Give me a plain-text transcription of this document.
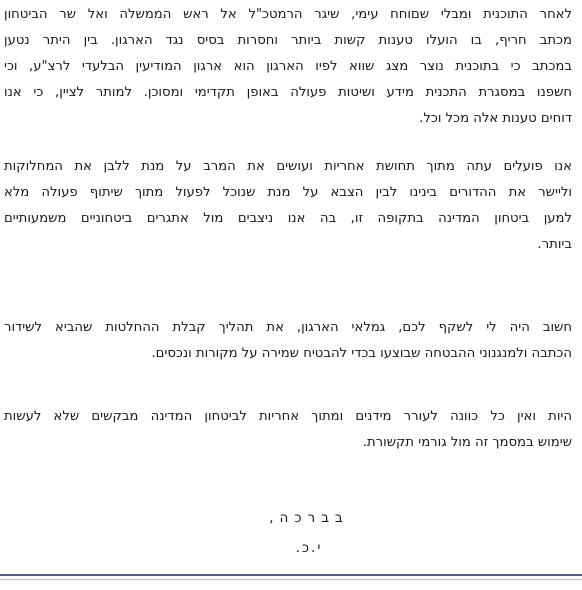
לאחר התוכנית ומבלי שםוחח עימי, שיגר הרמטכ"ל אל ראש הממשלה ואל שר הביטחון
מכתב חריף, בו הועלו טענות קשות ביותר וחסרות בסיס נגד הארגון. בין היתר נטען
במכתב כי בתוכנית נוצר מצג שווא לפיו הארגון הוא ארגון המודיעין הבלעדי לרצ"ע, וכי
חשפנו במסגרת התכנית מידע ושיטות פעולה באופן תקדימי ומסוכן. למותר לציין, כי אנו
דוחים טענות אלה מכל וכל.
אנו פועלים עתה מתוך תחושת אחריות ועושים את המרב על מנת ללבן את המחלוקות
וליישר את ההדורים בינינו לבין הצבא על מנת שנוכל לפעול מתוך שיתוף פעולה מלא
למען ביטחון המדינה בתקופה זו, בה אנו ניצבים מול אתגרים ביטחוניים משמעותיים
ביותר.
חשוב היה לי לשקף לכם, גמלאי הארגון, את תהליך קבלת ההחלטות שהביא לשידור
הכתבה ולמנגנוני ההבטחה שבוצעו בכדי להבטיח שמירה על מקורות ונכסים.
היות ואין כל כוונה לעורר מידנים ומתוך אחריות לביטחון המדינה מבקשים שלא לעשות
שימוש במסמך זה מול גורמי תקשורת.
בברכה,
י.כ.
